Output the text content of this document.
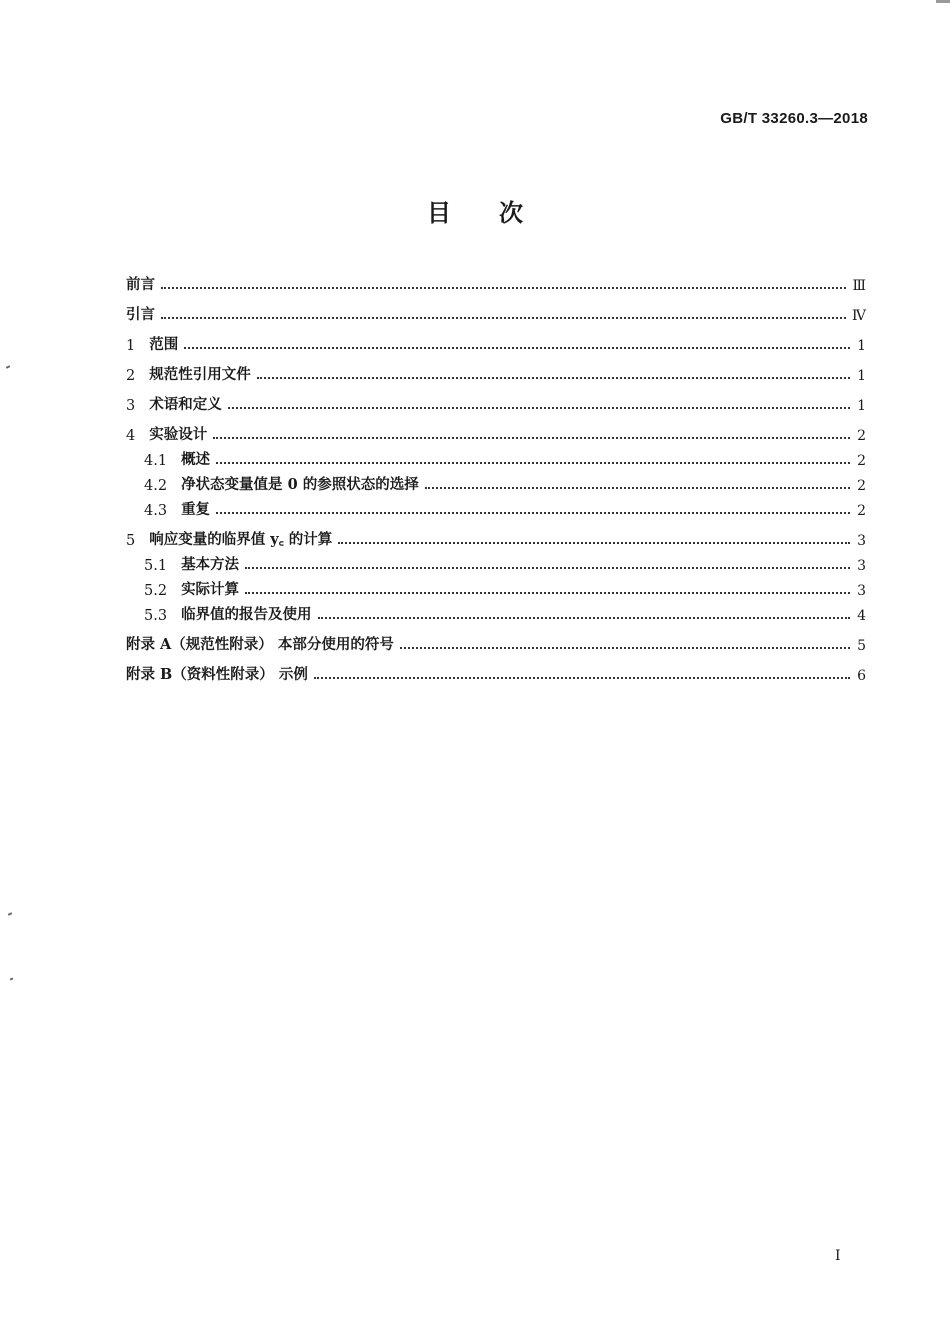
GB/T 33260.3—2018
目次
前言	Ⅲ
引言	Ⅳ
1 范围	1
2 规范性引用文件	1
3 术语和定义	1
4 实验设计	2
4.1 概述	2
4.2 净状态变量值是 0 的参照状态的选择	2
4.3 重复	2
5 响应变量的临界值 y꜀ 的计算	3
5.1 基本方法	3
5.2 实际计算	3
5.3 临界值的报告及使用	4
附录 A（规范性附录） 本部分使用的符号	5
附录 B（资料性附录） 示例	6
I
